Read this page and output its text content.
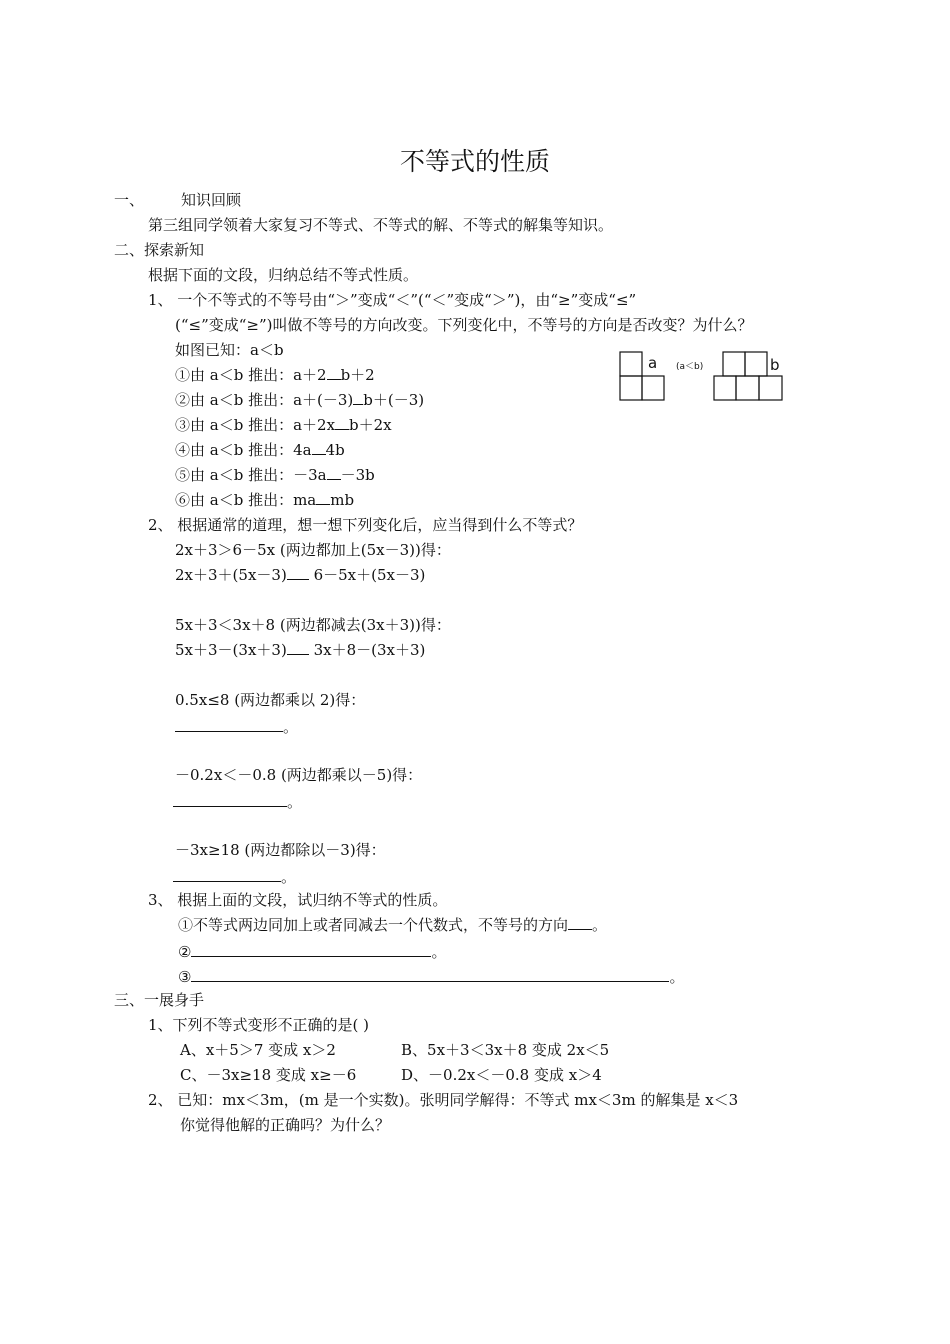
不等式的性质
一、 知识回顾
第三组同学领着大家复习不等式、不等式的解、不等式的解集等知识。
二、探索新知
根据下面的文段，归纳总结不等式性质。
1、 一个不等式的不等号由“＞”变成“＜”(“＜”变成“＞”)，由“≥”变成“≤”
(“≤”变成“≥”)叫做不等号的方向改变。下列变化中，不等号的方向是否改变？为什么？
如图已知：a＜b
①由 a＜b 推出：a＋2 b＋2
②由 a＜b 推出：a＋(－3) b＋(－3)
③由 a＜b 推出：a＋2x b＋2x
④由 a＜b 推出：4a 4b
⑤由 a＜b 推出：－3a －3b
⑥由 a＜b 推出：ma mb
a (a＜b)	b
2、 根据通常的道理，想一想下列变化后，应当得到什么不等式？
2x＋3＞6－5x (两边都加上(5x－3))得：
2x＋3＋(5x－3) 6－5x＋(5x－3)
5x＋3＜3x＋8 (两边都减去(3x＋3))得：
5x＋3－(3x＋3) 3x＋8－(3x＋3)
0.5x≤8 (两边都乘以 2)得：
。
－0.2x＜－0.8 (两边都乘以－5)得：
。
－3x≥18 (两边都除以－3)得：
。
3、 根据上面的文段，试归纳不等式的性质。
①不等式两边同加上或者同减去一个代数式，不等号的方向 。
②	。
③	。
三、一展身手
1、下列不等式变形不正确的是( )
A、x＋5＞7 变成 x＞2	B、5x＋3＜3x＋8 变成 2x＜5
C、－3x≥18 变成 x≥－6	D、－0.2x＜－0.8 变成 x＞4
2、 已知：mx＜3m，(m 是一个实数)。张明同学解得：不等式 mx＜3m 的解集是 x＜3
你觉得他解的正确吗？为什么？
